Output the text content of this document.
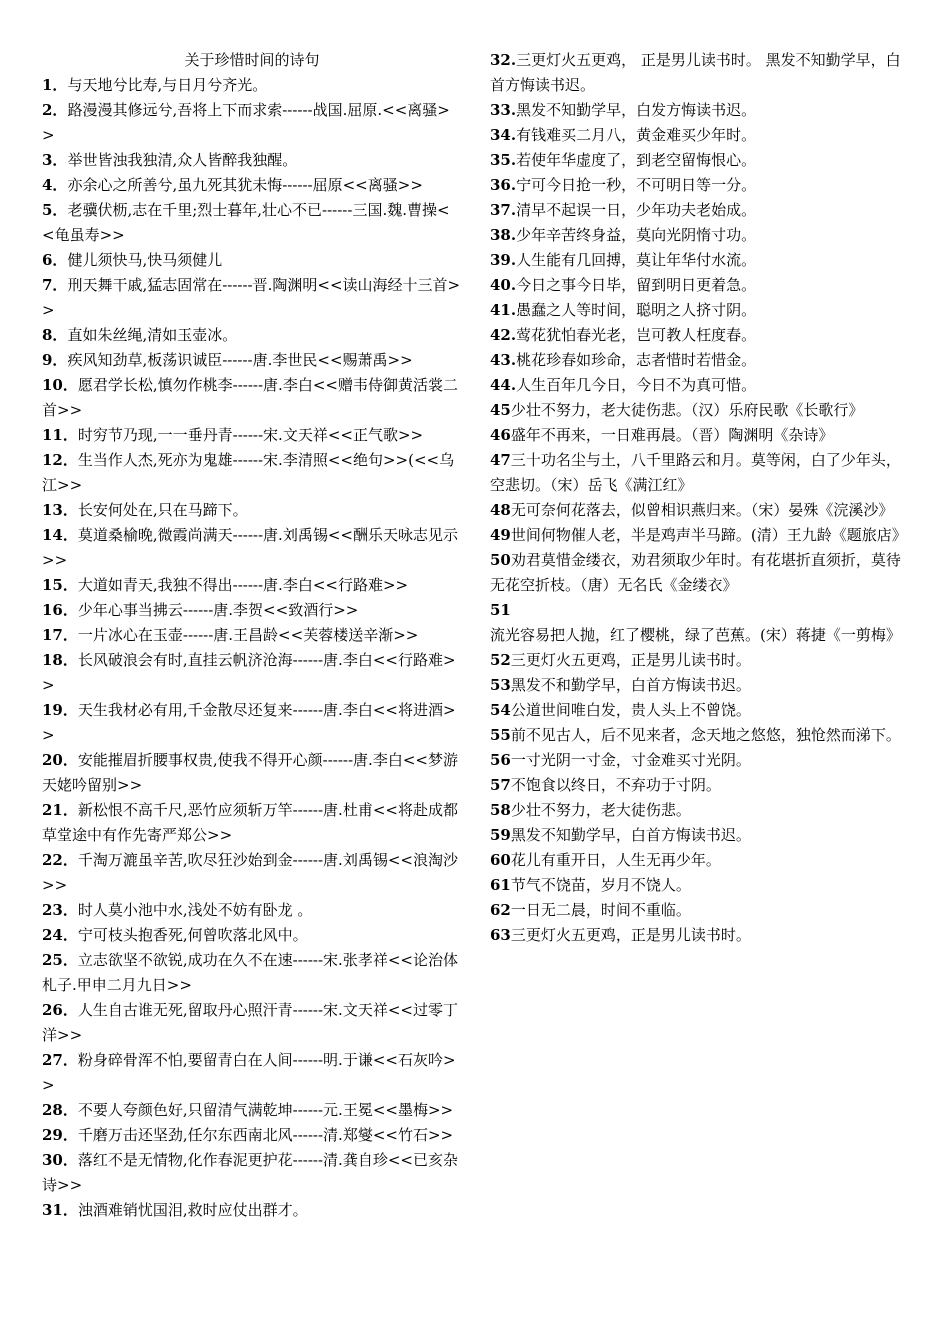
关于珍惜时间的诗句

1．与天地兮比寿,与日月兮齐光。

2．路漫漫其修远兮,吾将上下而求索------战国.屈原.<<离骚>>

3．举世皆浊我独清,众人皆醉我独醒。

4．亦余心之所善兮,虽九死其犹未悔------屈原<<离骚>>

5．老骥伏枥,志在千里;烈士暮年,壮心不已------三国.魏.曹操<<龟虽寿>>

6．健儿须快马,快马须健儿

7．刑天舞干戚,猛志固常在------晋.陶渊明<<读山海经十三首>>

8．直如朱丝绳,清如玉壶冰。

9．疾风知劲草,板荡识诚臣------唐.李世民<<赐萧禹>>

10．愿君学长松,慎勿作桃李------唐.李白<<赠韦侍御黄活裳二首>>

11．时穷节乃现,一一垂丹青------宋.文天祥<<正气歌>>

12．生当作人杰,死亦为鬼雄------宋.李清照<<绝句>>(<<乌江>>

13．长安何处在,只在马蹄下。

14．莫道桑榆晚,微霞尚满天------唐.刘禹锡<<酬乐天咏志见示>>

15．大道如青天,我独不得出------唐.李白<<行路难>>

16．少年心事当拂云------唐.李贺<<致酒行>>

17．一片冰心在玉壶------唐.王昌龄<<芙蓉楼送辛渐>>

18．长风破浪会有时,直挂云帆济沧海------唐.李白<<行路难>>

19．天生我材必有用,千金散尽还复来------唐.李白<<将进酒>>

20．安能摧眉折腰事权贵,使我不得开心颜------唐.李白<<梦游天姥吟留别>>

21．新松恨不高千尺,恶竹应须斩万竿------唐.杜甫<<将赴成都草堂途中有作先寄严郑公>>

22．千淘万漉虽辛苦,吹尽狂沙始到金------唐.刘禹锡<<浪淘沙>>

23．时人莫小池中水,浅处不妨有卧龙 。

24．宁可枝头抱香死,何曾吹落北风中。

25．立志欲坚不欲锐,成功在久不在速------宋.张孝祥<<论治体札子.甲申二月九日>>

26．人生自古谁无死,留取丹心照汗青------宋.文天祥<<过零丁洋>>

27．粉身碎骨浑不怕,要留青白在人间------明.于谦<<石灰吟>>

28．不要人夸颜色好,只留清气满乾坤------元.王冕<<墨梅>>

29．千磨万击还坚劲,任尔东西南北风------清.郑燮<<竹石>>

30．落红不是无情物,化作春泥更护花------清.龚自珍<<已亥杂诗>>

31．浊酒难销忧国泪,救时应仗出群才。

32.三更灯火五更鸡， 正是男儿读书时。 黑发不知勤学早，白首方悔读书迟。

33.黑发不知勤学早，白发方悔读书迟。

34.有钱难买二月八，黄金难买少年时。

35.若使年华虚度了，到老空留悔恨心。

36.宁可今日抢一秒，不可明日等一分。

37.清早不起误一日，少年功夫老始成。

38.少年辛苦终身益，莫向光阴惰寸功。

39.人生能有几回搏，莫让年华付水流。

40.今日之事今日毕，留到明日更着急。

41.愚蠢之人等时间，聪明之人挤寸阴。

42.莺花犹怕春光老，岂可教人枉度春。

43.桃花珍春如珍命，志者惜时若惜金。

44.人生百年几今日，今日不为真可惜。

45少壮不努力，老大徒伤悲。（汉）乐府民歌《长歌行》

46盛年不再来，一日难再晨。（晋）陶渊明《杂诗》

47三十功名尘与土，八千里路云和月。莫等闲，白了少年头，空悲切。（宋）岳飞《满江红》

48无可奈何花落去，似曾相识燕归来。（宋）晏殊《浣溪沙》

49世间何物催人老，半是鸡声半马蹄。(清）王九龄《题旅店》

50劝君莫惜金缕衣，劝君须取少年时。有花堪折直须折，莫待无花空折枝。（唐）无名氏《金缕衣》

51流光容易把人抛，红了樱桃，绿了芭蕉。(宋）蒋捷《一剪梅》

52三更灯火五更鸡，正是男儿读书时。

53黑发不和勤学早，白首方悔读书迟。

54公道世间唯白发，贵人头上不曾饶。

55前不见古人，后不见来者，念天地之悠悠，独怆然而涕下。

56一寸光阴一寸金，寸金难买寸光阴。

57不饱食以终日，不弃功于寸阴。

58少壮不努力，老大徒伤悲。

59黑发不知勤学早，白首方悔读书迟。

60花儿有重开日，人生无再少年。

61节气不饶苗，岁月不饶人。

62一日无二晨，时间不重临。

63三更灯火五更鸡，正是男儿读书时。
